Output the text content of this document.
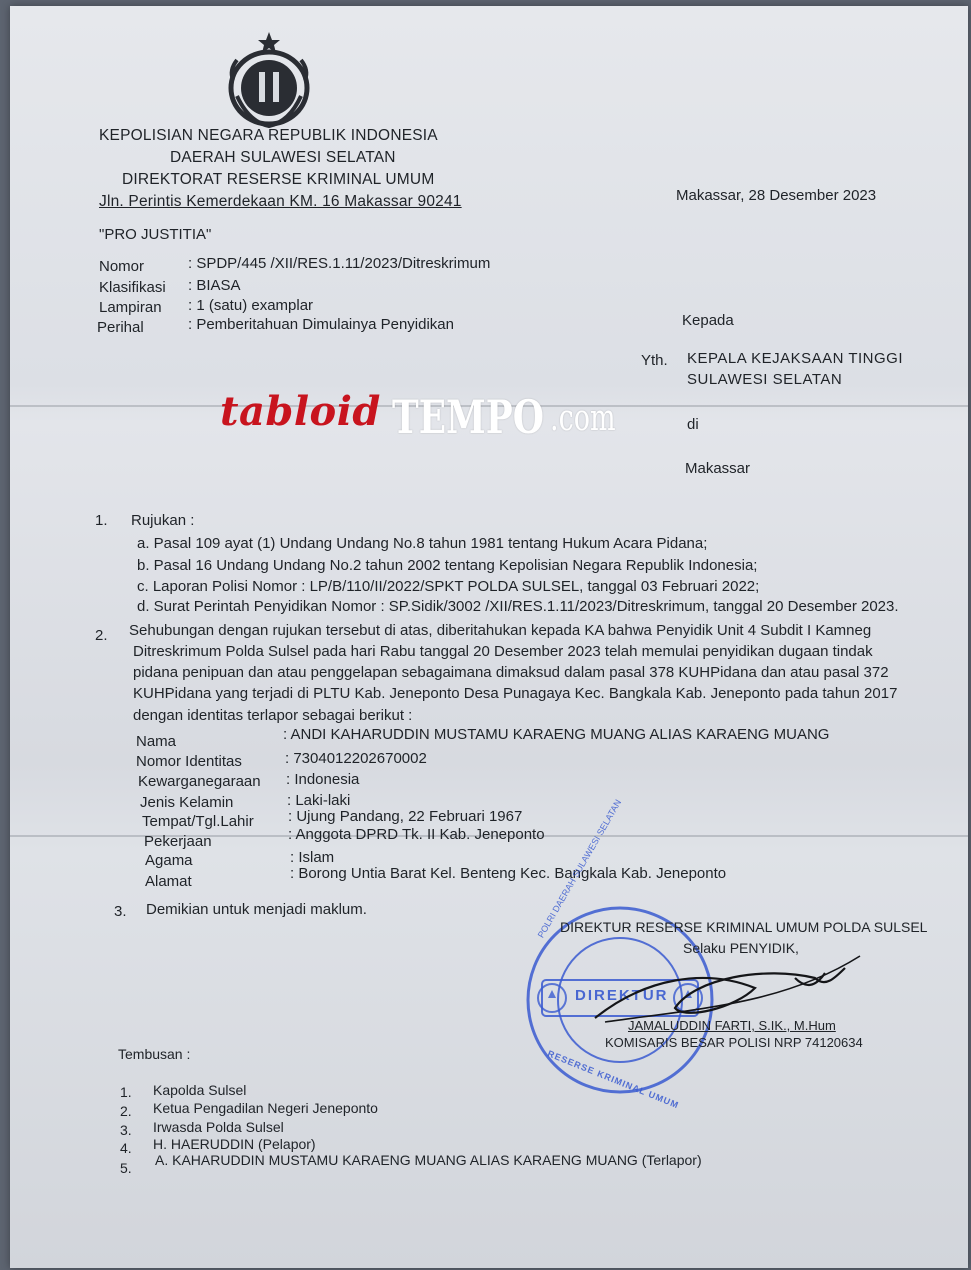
KEPOLISIAN NEGARA REPUBLIK INDONESIA
DAERAH SULAWESI SELATAN
DIREKTORAT RESERSE KRIMINAL UMUM
Jln. Perintis Kemerdekaan KM. 16 Makassar 90241	Makassar, 28 Desember 2023
"PRO JUSTITIA"
Nomor	: SPDP/445 /XII/RES.1.11/2023/Ditreskrimum
Klasifikasi : BIASA
Lampiran : 1 (satu) examplar
Perihal	: Pemberitahuan Dimulainya Penyidikan	Kepada
Yth. KEPALA KEJAKSAAN TINGGI
SULAWESI SELATAN
di
Makassar
tabloid TEMPO .com
1. Rujukan :
a. Pasal 109 ayat (1) Undang Undang No.8 tahun 1981 tentang Hukum Acara Pidana;
b. Pasal 16 Undang Undang No.2 tahun 2002 tentang Kepolisian Negara Republik Indonesia;
c. Laporan Polisi Nomor : LP/B/110/II/2022/SPKT POLDA SULSEL, tanggal 03 Februari 2022;
d. Surat Perintah Penyidikan Nomor : SP.Sidik/3002 /XII/RES.1.11/2023/Ditreskrimum, tanggal 20 Desember 2023.
2. Sehubungan dengan rujukan tersebut di atas, diberitahukan kepada KA bahwa Penyidik Unit 4 Subdit I Kamneg
Ditreskrimum Polda Sulsel pada hari Rabu tanggal 20 Desember 2023 telah memulai penyidikan dugaan tindak
pidana penipuan dan atau penggelapan sebagaimana dimaksud dalam pasal 378 KUHPidana dan atau pasal 372
KUHPidana yang terjadi di PLTU Kab. Jeneponto Desa Punagaya Kec. Bangkala Kab. Jeneponto pada tahun 2017
dengan identitas terlapor sebagai berikut :
Nama	: ANDI KAHARUDDIN MUSTAMU KARAENG MUANG ALIAS KARAENG MUANG
Nomor Identitas	: 7304012202670002
Kewarganegaraan : Indonesia
Jenis Kelamin	: Laki-laki
Tempat/Tgl.Lahir : Ujung Pandang, 22 Februari 1967
Pekerjaan	: Anggota DPRD Tk. II Kab. Jeneponto
Agama	: Islam
Alamat	: Borong Untia Barat Kel. Benteng Kec. Bangkala Kab. Jeneponto
3. Demikian untuk menjadi maklum.
DIREKTUR
POLRI DAERAH SULAWESI SELATAN
RESERSE KRIMINAL UMUM
DIREKTUR RESERSE KRIMINAL UMUM POLDA SULSEL
Selaku PENYIDIK,
JAMALUDDIN FARTI, S.IK., M.Hum
KOMISARIS BESAR POLISI NRP 74120634
Tembusan :
1. Kapolda Sulsel
2. Ketua Pengadilan Negeri Jeneponto
3. Irwasda Polda Sulsel
4. H. HAERUDDIN (Pelapor)
5. A. KAHARUDDIN MUSTAMU KARAENG MUANG ALIAS KARAENG MUANG (Terlapor)
